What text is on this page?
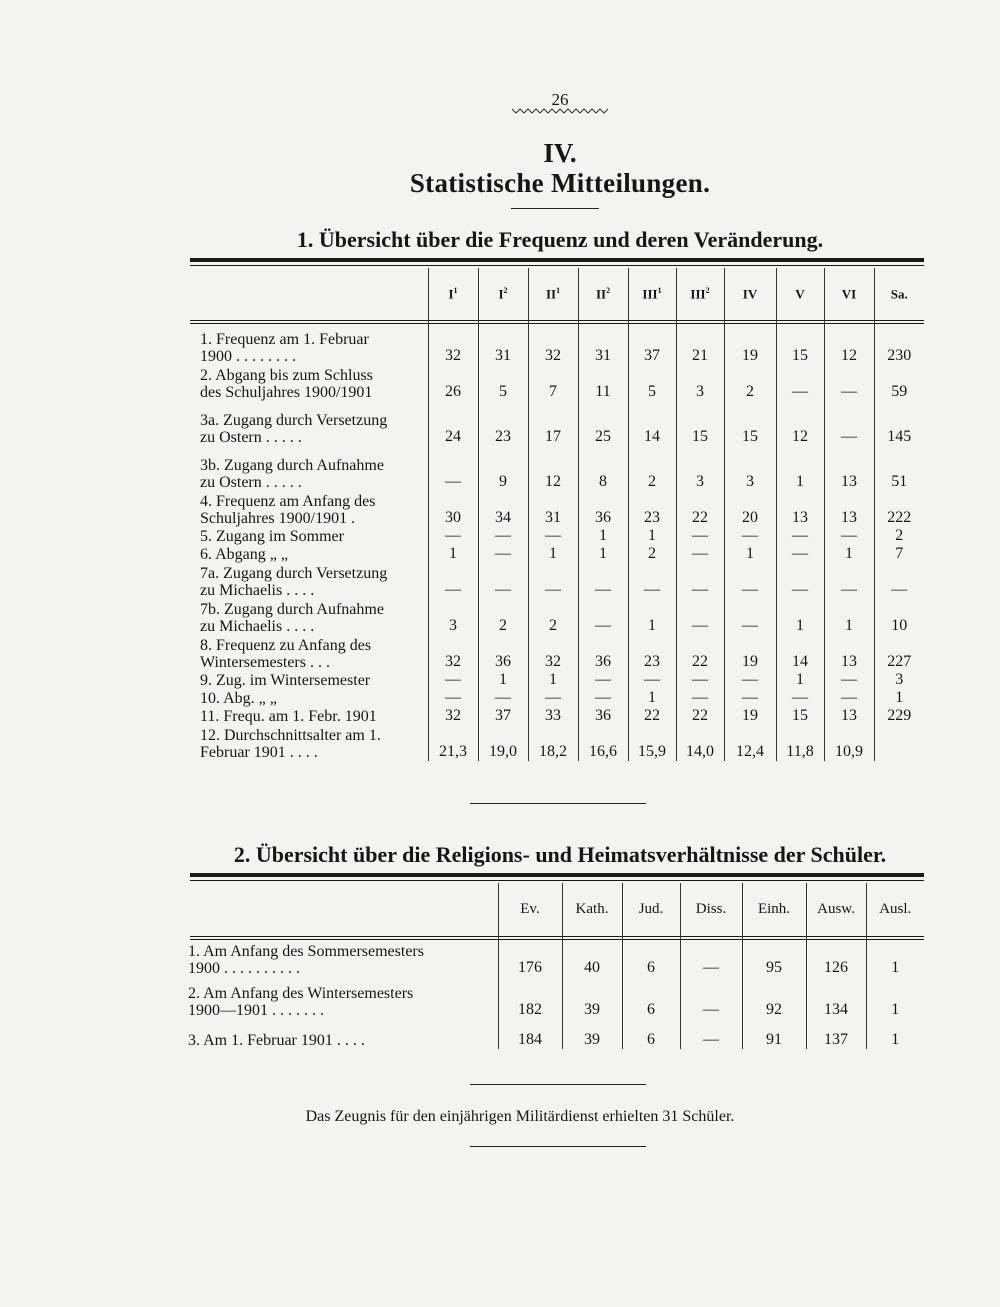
26
IV.
Statistische Mitteilungen.
1. Übersicht über die Frequenz und deren Veränderung.
	$I^1$	$I^2$	$II^1$	$II^2$	III$^1$	III$^2$	IV	V	VI	Sa.
1. Frequenz am 1. Februar
1900 . . . . . . . .	32	31	32	31	37	21	19	15	12	230
2. Abgang bis zum Schluss
des Schuljahres 1900/1901	26	5	7	11	5	3	2	—	—	59
3a. Zugang durch Versetzung
zu Ostern . . . . .	24	23	17	25	14	15	15	12	—	145
3b. Zugang durch Aufnahme
zu Ostern . . . . .	—	9	12	8	2	3	3	1	13	51
4. Frequenz am Anfang des
Schuljahres 1900/1901 .	30	34	31	36	23	22	20	13	13	222
5. Zugang im Sommer	—	—	—	1	1	—	—	—	—	2
6. Abgang „ „	1	—	1	1	2	—	1	—	1	7
7a. Zugang durch Versetzung
zu Michaelis . . . .	—	—	—	—	—	—	—	—	—	—
7b. Zugang durch Aufnahme
zu Michaelis . . . .	3	2	2	—	1	—	—	1	1	10
8. Frequenz zu Anfang des
Wintersemesters . . .	32	36	32	36	23	22	19	14	13	227
9. Zug. im Wintersemester	—	1	1	—	—	—	—	1	—	3
10. Abg. „ „	—	—	—	—	1	—	—	—	—	1
11. Frequ. am 1. Febr. 1901	32	37	33	36	22	22	19	15	13	229
12. Durchschnittsalter am 1.
Februar 1901 . . . .	21,3	19,0	18,2	16,6	15,9	14,0	12,4	11,8	10,9	
2. Übersicht über die Religions- und Heimatsverhältnisse der Schüler.
	Ev.	Kath.	Jud.	Diss.	Einh.	Ausw.	Ausl.
1. Am Anfang des Sommersemesters
1900 . . . . . . . . . .	176	40	6	—	95	126	1
2. Am Anfang des Wintersemesters
1900—1901 . . . . . . .	182	39	6	—	92	134	1
3. Am 1. Februar 1901 . . . .	184	39	6	—	91	137	1
Das Zeugnis für den einjährigen Militärdienst erhielten 31 Schüler.
